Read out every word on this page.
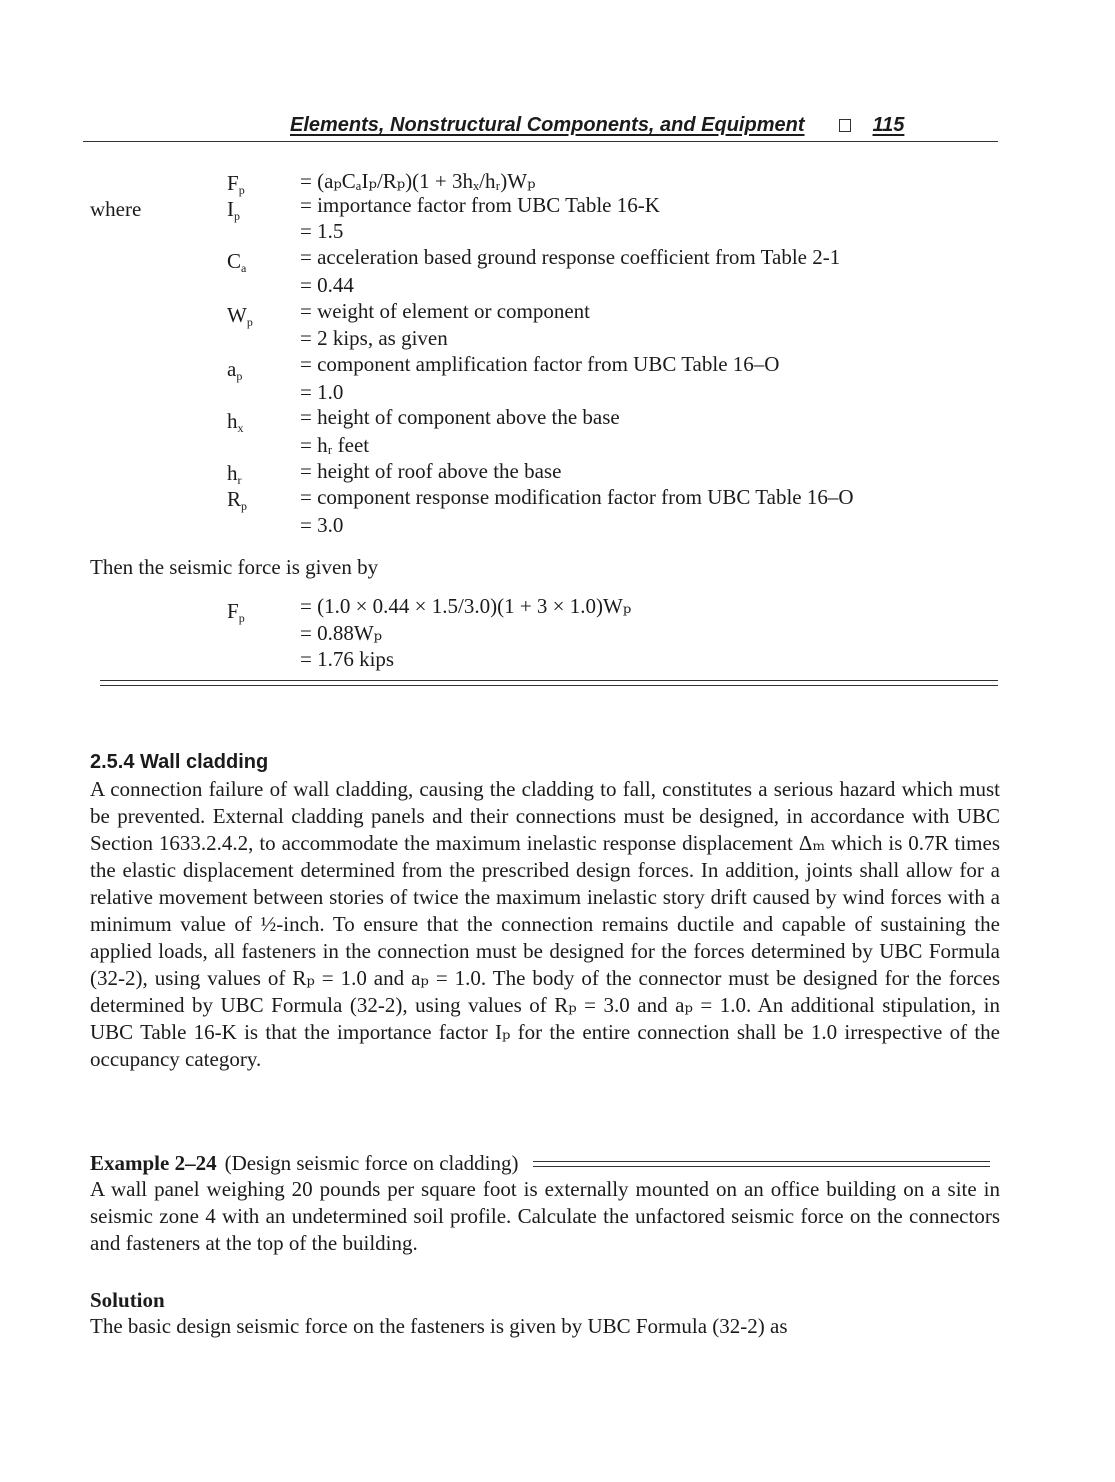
Elements, Nonstructural Components, and Equipment	115
where
$F_p$	= (aₚCₐIₚ/Rₚ)(1 + 3hₓ/hᵣ)Wₚ
$I_p$	= importance factor from UBC Table 16-K
= 1.5
$C_a$	= acceleration based ground response coefficient from Table 2-1
= 0.44
$W_p$ = weight of element or component
= 2 kips, as given
$a_p$	= component amplification factor from UBC Table 16–O
= 1.0
$h_x$	= height of component above the base
= hᵣ feet
$h_r$	= height of roof above the base
$R_p$	= component response modification factor from UBC Table 16–O
= 3.0
Then the seismic force is given by
$F_p$	= (1.0 × 0.44 × 1.5/3.0)(1 + 3 × 1.0)Wₚ
= 0.88Wₚ
= 1.76 kips
2.5.4 Wall cladding
A connection failure of wall cladding, causing the cladding to fall, constitutes a serious hazard which must be prevented. External cladding panels and their connections must be designed, in accordance with UBC Section 1633.2.4.2, to accommodate the maximum inelastic response displacement Δₘ which is 0.7R times the elastic displacement determined from the prescribed design forces. In addition, joints shall allow for a relative movement between stories of twice the maximum inelastic story drift caused by wind forces with a minimum value of ½-inch. To ensure that the connection remains ductile and capable of sustaining the applied loads, all fasteners in the connection must be designed for the forces determined by UBC Formula (32-2), using values of Rₚ = 1.0 and aₚ = 1.0. The body of the connector must be designed for the forces determined by UBC Formula (32-2), using values of Rₚ = 3.0 and aₚ = 1.0. An additional stipulation, in UBC Table 16-K is that the importance factor Iₚ for the entire connection shall be 1.0 irrespective of the occupancy category.
Example 2–24 (Design seismic force on cladding)
A wall panel weighing 20 pounds per square foot is externally mounted on an office building on a site in seismic zone 4 with an undetermined soil profile. Calculate the unfactored seismic force on the connectors and fasteners at the top of the building.
Solution
The basic design seismic force on the fasteners is given by UBC Formula (32-2) as
